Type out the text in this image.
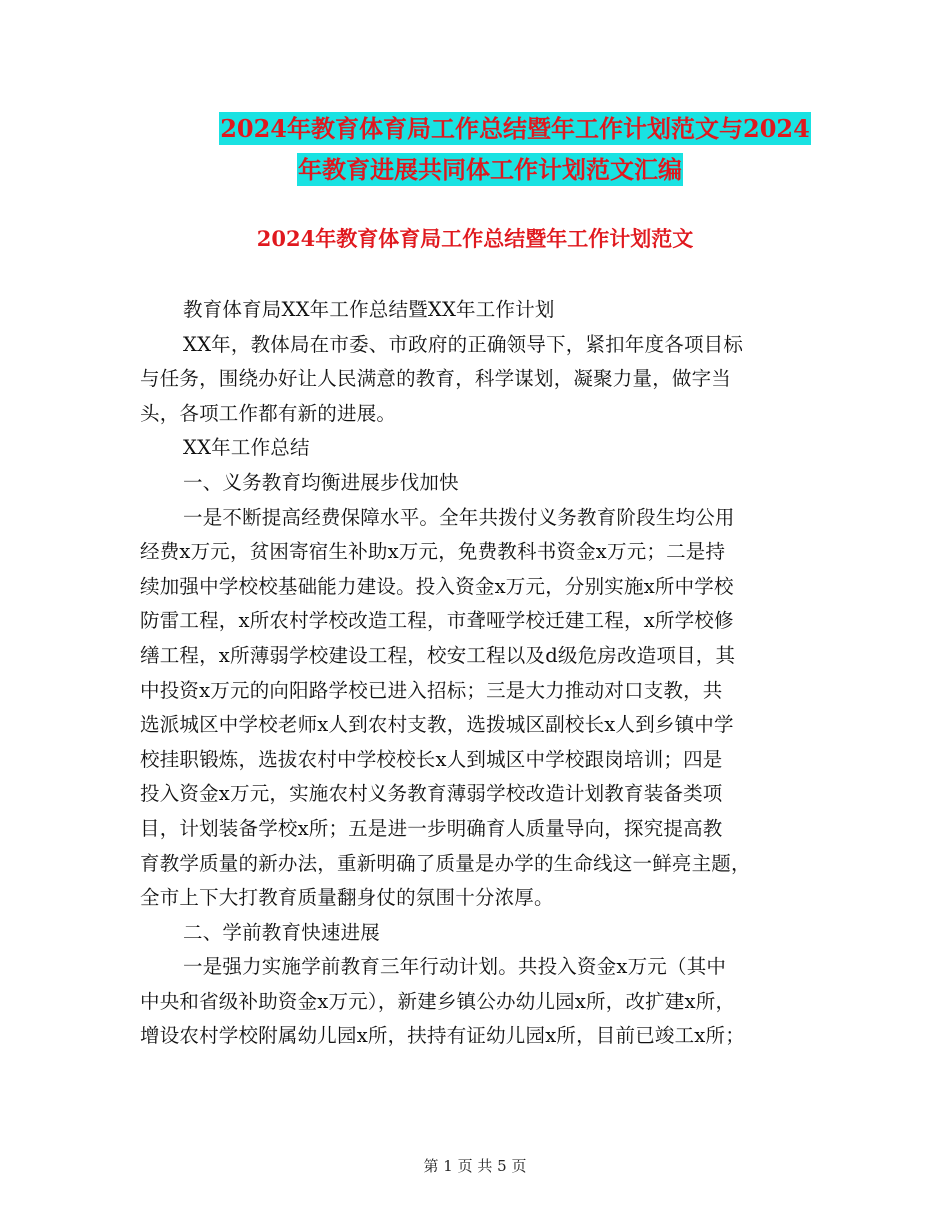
2024年教育体育局工作总结暨年工作计划范文与2024
年教育进展共同体工作计划范文汇编
2024年教育体育局工作总结暨年工作计划范文

教育体育局XX年工作总结暨XX年工作计划

XX年，教体局在市委、市政府的正确领导下，紧扣年度各项目标

与任务，围绕办好让人民满意的教育，科学谋划，凝聚力量，做字当

头，各项工作都有新的进展。

XX年工作总结

一、义务教育均衡进展步伐加快

一是不断提高经费保障水平。全年共拨付义务教育阶段生均公用

经费x万元，贫困寄宿生补助x万元，免费教科书资金x万元；二是持

续加强中学校校基础能力建设。投入资金x万元，分别实施x所中学校

防雷工程，x所农村学校改造工程，市聋哑学校迁建工程，x所学校修

缮工程，x所薄弱学校建设工程，校安工程以及d级危房改造项目，其

中投资x万元的向阳路学校已进入招标；三是大力推动对口支教，共

选派城区中学校老师x人到农村支教，选拨城区副校长x人到乡镇中学

校挂职锻炼，选拔农村中学校校长x人到城区中学校跟岗培训；四是

投入资金x万元，实施农村义务教育薄弱学校改造计划教育装备类项

目，计划装备学校x所；五是进一步明确育人质量导向，探究提高教

育教学质量的新办法，重新明确了质量是办学的生命线这一鲜亮主题，

全市上下大打教育质量翻身仗的氛围十分浓厚。

二、学前教育快速进展

一是强力实施学前教育三年行动计划。共投入资金x万元（其中

中央和省级补助资金x万元），新建乡镇公办幼儿园x所，改扩建x所，

增设农村学校附属幼儿园x所，扶持有证幼儿园x所，目前已竣工x所；

第 1 页 共 5 页
